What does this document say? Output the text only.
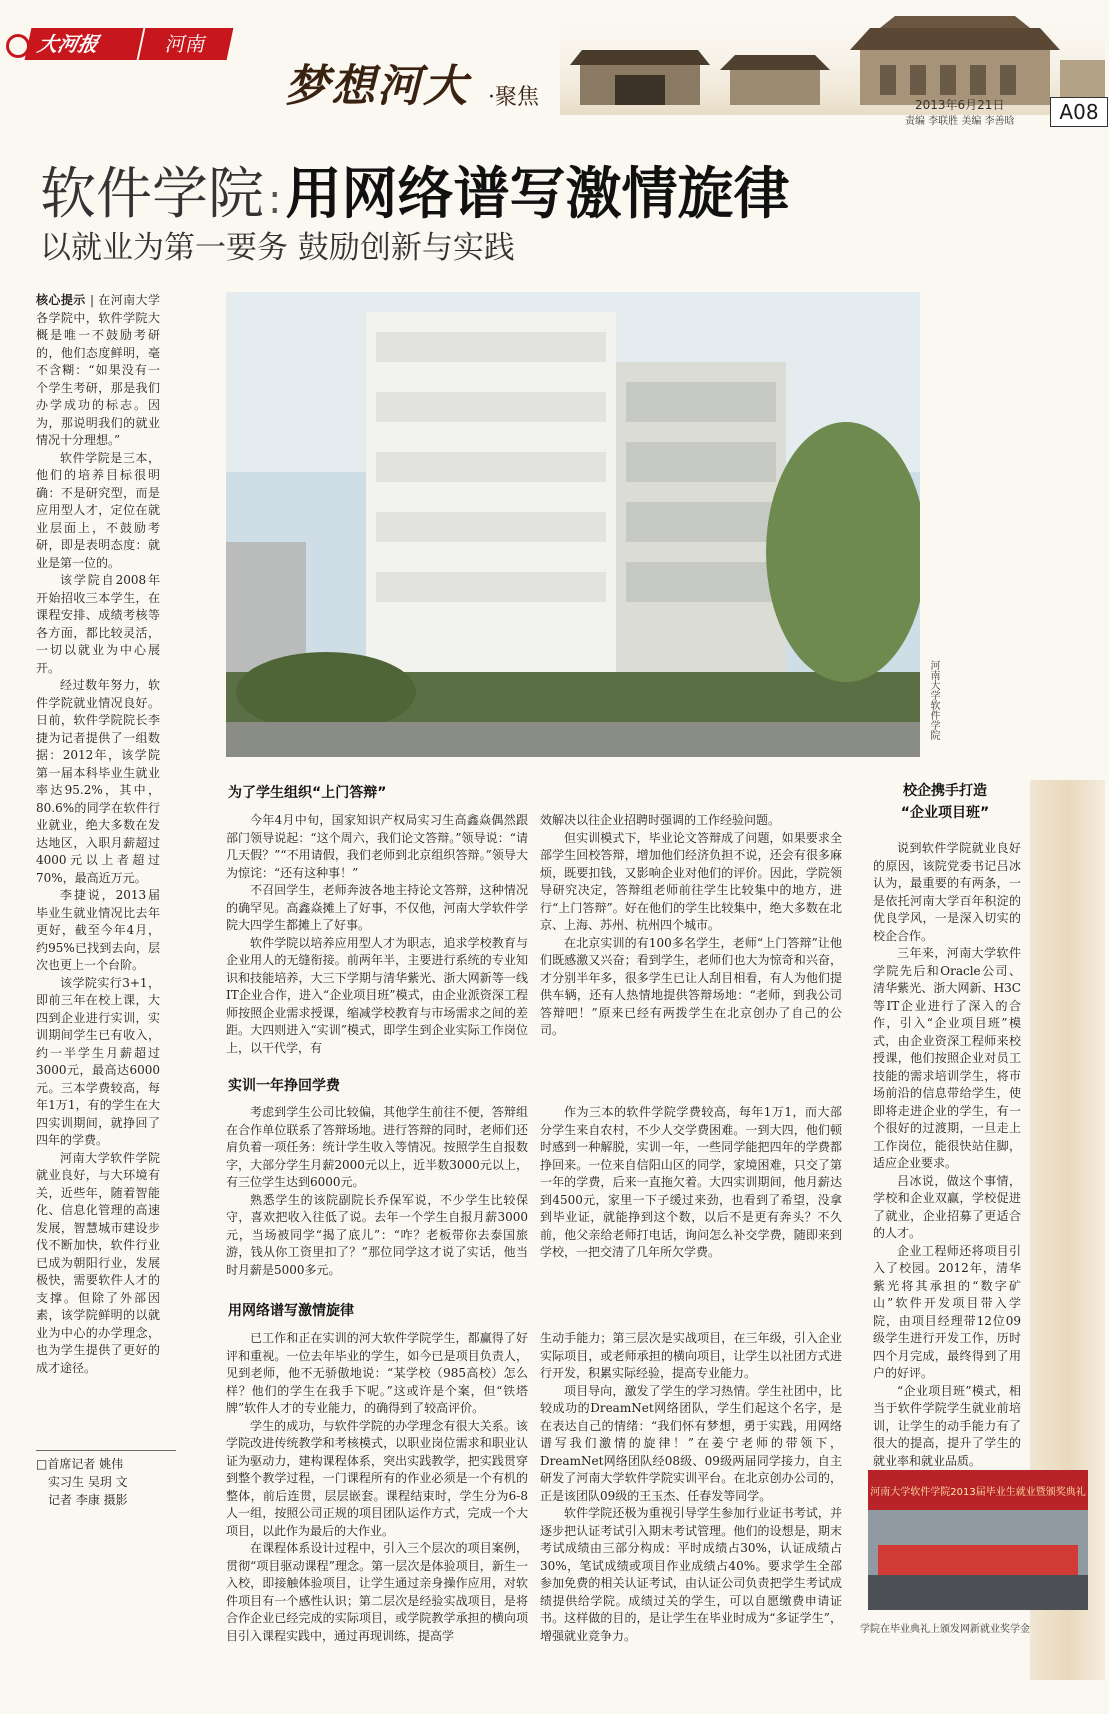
大河报	河南
梦想河大 ·聚焦	2013年6月21日
责编 李联胜 美编 李善晗	A08
软件学院 :用网络谱写激情旋律
以就业为第一要务 鼓励创新与实践

核心提示 | 在河南大学各学院中，软件学院大概是唯一不鼓励考研的，他们态度鲜明，毫不含糊：“如果没有一个学生考研，那是我们办学成功的标志。因为，那说明我们的就业情况十分理想。”

软件学院是三本，他们的培养目标很明确：不是研究型，而是应用型人才，定位在就业层面上，不鼓励考研，即是表明态度：就业是第一位的。

该学院自2008年开始招收三本学生，在课程安排、成绩考核等各方面，都比较灵活，一切以就业为中心展开。

经过数年努力，软件学院就业情况良好。日前，软件学院院长李捷为记者提供了一组数据：2012年，该学院第一届本科毕业生就业率达95.2%，其中，80.6%的同学在软件行业就业，绝大多数在发达地区，入职月薪超过4000元以上者超过70%，最高近万元。

李捷说，2013届毕业生就业情况比去年更好，截至今年4月，约95%已找到去向，层次也更上一个台阶。

该学院实行3+1，即前三年在校上课，大四到企业进行实训，实训期间学生已有收入，约一半学生月薪超过3000元，最高达6000元。三本学费较高，每年1万1，有的学生在大四实训期间，就挣回了四年的学费。

河南大学软件学院就业良好，与大环境有关，近些年，随着智能化、信息化管理的高速发展，智慧城市建设步伐不断加快，软件行业已成为朝阳行业，发展极快，需要软件人才的支撑。但除了外部因素，该学院鲜明的以就业为中心的办学理念，也为学生提供了更好的成才途径。

□首席记者 姚伟
实习生 吴玥 文
记者 李康 摄影
河南大学软件学院
为了学生组织“上门答辩”

今年4月中旬，国家知识产权局实习生高鑫焱偶然跟部门领导说起：“这个周六，我们论文答辩。”领导说：“请几天假？”“不用请假，我们老师到北京组织答辩。”领导大为惊诧：“还有这种事！”

不召回学生，老师奔波各地主持论文答辩，这种情况的确罕见。高鑫焱摊上了好事，不仅他，河南大学软件学院大四学生都摊上了好事。

软件学院以培养应用型人才为职志，追求学校教育与企业用人的无缝衔接。前两年半，主要进行系统的专业知识和技能培养，大三下学期与清华紫光、浙大网新等一线IT企业合作，进入“企业项目班”模式，由企业派资深工程师按照企业需求授课，缩减学校教育与市场需求之间的差距。大四则进入“实训”模式，即学生到企业实际工作岗位上，以干代学，有

效解决以往企业招聘时强调的工作经验问题。

但实训模式下，毕业论文答辩成了问题，如果要求全部学生回校答辩，增加他们经济负担不说，还会有很多麻烦，既要扣钱，又影响企业对他们的评价。因此，学院领导研究决定，答辩组老师前往学生比较集中的地方，进行“上门答辩”。好在他们的学生比较集中，绝大多数在北京、上海、苏州、杭州四个城市。

在北京实训的有100多名学生，老师“上门答辩”让他们既感激又兴奋；看到学生，老师们也大为惊奇和兴奋，才分别半年多，很多学生已让人刮目相看，有人为他们提供车辆，还有人热情地提供答辩场地：“老师，到我公司答辩吧！”原来已经有两拨学生在北京创办了自己的公司。

实训一年挣回学费

考虑到学生公司比较偏，其他学生前往不便，答辩组在合作单位联系了答辩场地。进行答辩的同时，老师们还肩负着一项任务：统计学生收入等情况。按照学生自报数字，大部分学生月薪2000元以上，近半数3000元以上，有三位学生达到6000元。

熟悉学生的该院副院长乔保军说，不少学生比较保守，喜欢把收入往低了说。去年一个学生自报月薪3000元，当场被同学“揭了底儿”：“咋？老板带你去泰国旅游，钱从你工资里扣了？”那位同学这才说了实话，他当时月薪是5000多元。

作为三本的软件学院学费较高，每年1万1，而大部分学生来自农村，不少人交学费困难。一到大四，他们顿时感到一种解脱，实训一年，一些同学能把四年的学费都挣回来。一位来自信阳山区的同学，家境困难，只交了第一年的学费，后来一直拖欠着。大四实训期间，他月薪达到4500元，家里一下子缓过来劲，也看到了希望，没拿到毕业证，就能挣到这个数，以后不是更有奔头？不久前，他父亲给老师打电话，询问怎么补交学费，随即来到学校，一把交清了几年所欠学费。

用网络谱写激情旋律

已工作和正在实训的河大软件学院学生，都赢得了好评和重视。一位去年毕业的学生，如今已是项目负责人，见到老师，他不无骄傲地说：“某学校（985高校）怎么样？他们的学生在我手下呢。”这或许是个案，但“铁塔牌”软件人才的专业能力，的确得到了较高评价。

学生的成功，与软件学院的办学理念有很大关系。该学院改进传统教学和考核模式，以职业岗位需求和职业认证为驱动力，建构课程体系，突出实践教学，把实践贯穿到整个教学过程，一门课程所有的作业必须是一个有机的整体，前后连贯，层层嵌套。课程结束时，学生分为6-8人一组，按照公司正规的项目团队运作方式，完成一个大项目，以此作为最后的大作业。

在课程体系设计过程中，引入三个层次的项目案例，贯彻“项目驱动课程”理念。第一层次是体验项目，新生一入校，即接触体验项目，让学生通过亲身操作应用，对软件项目有一个感性认识；第二层次是经验实战项目，是将合作企业已经完成的实际项目，或学院教学承担的横向项目引入课程实践中，通过再现训练，提高学

生动手能力；第三层次是实战项目，在三年级，引入企业实际项目，或老师承担的横向项目，让学生以社团方式进行开发，积累实际经验，提高专业能力。

项目导向，激发了学生的学习热情。学生社团中，比较成功的DreamNet网络团队，学生们起这个名字，是在表达自己的情绪：“我们怀有梦想，勇于实践，用网络谱写我们激情的旋律！”在姜宁老师的带领下，DreamNet网络团队经08级、09级两届同学接力，自主研发了河南大学软件学院实训平台。在北京创办公司的，正是该团队09级的王玉杰、任春发等同学。

软件学院还极为重视引导学生参加行业证书考试，并逐步把认证考试引入期末考试管理。他们的设想是，期末考试成绩由三部分构成：平时成绩占30%，认证成绩占30%，笔试成绩或项目作业成绩占40%。要求学生全部参加免费的相关认证考试，由认证公司负责把学生考试成绩提供给学院。成绩过关的学生，可以自愿缴费申请证书。这样做的目的，是让学生在毕业时成为“多证学生”，增强就业竞争力。

校企携手打造
“企业项目班”

说到软件学院就业良好的原因，该院党委书记吕冰认为，最重要的有两条，一是依托河南大学百年积淀的优良学风，一是深入切实的校企合作。

三年来，河南大学软件学院先后和Oracle公司、清华紫光、浙大网新、H3C等IT企业进行了深入的合作，引入“企业项目班”模式，由企业资深工程师来校授课，他们按照企业对员工技能的需求培训学生，将市场前沿的信息带给学生，使即将走进企业的学生，有一个很好的过渡期，一旦走上工作岗位，能很快站住脚，适应企业要求。

吕冰说，做这个事情，学校和企业双赢，学校促进了就业，企业招募了更适合的人才。

企业工程师还将项目引入了校园。2012年，清华紫光将其承担的“数字矿山”软件开发项目带入学院，由项目经理带12位09级学生进行开发工作，历时四个月完成，最终得到了用户的好评。

“企业项目班”模式，相当于软件学院学生就业前培训，让学生的动手能力有了很大的提高，提升了学生的就业率和就业品质。

河南大学软件学院2013届毕业生就业暨颁奖典礼
学院在毕业典礼上颁发网新就业奖学金
